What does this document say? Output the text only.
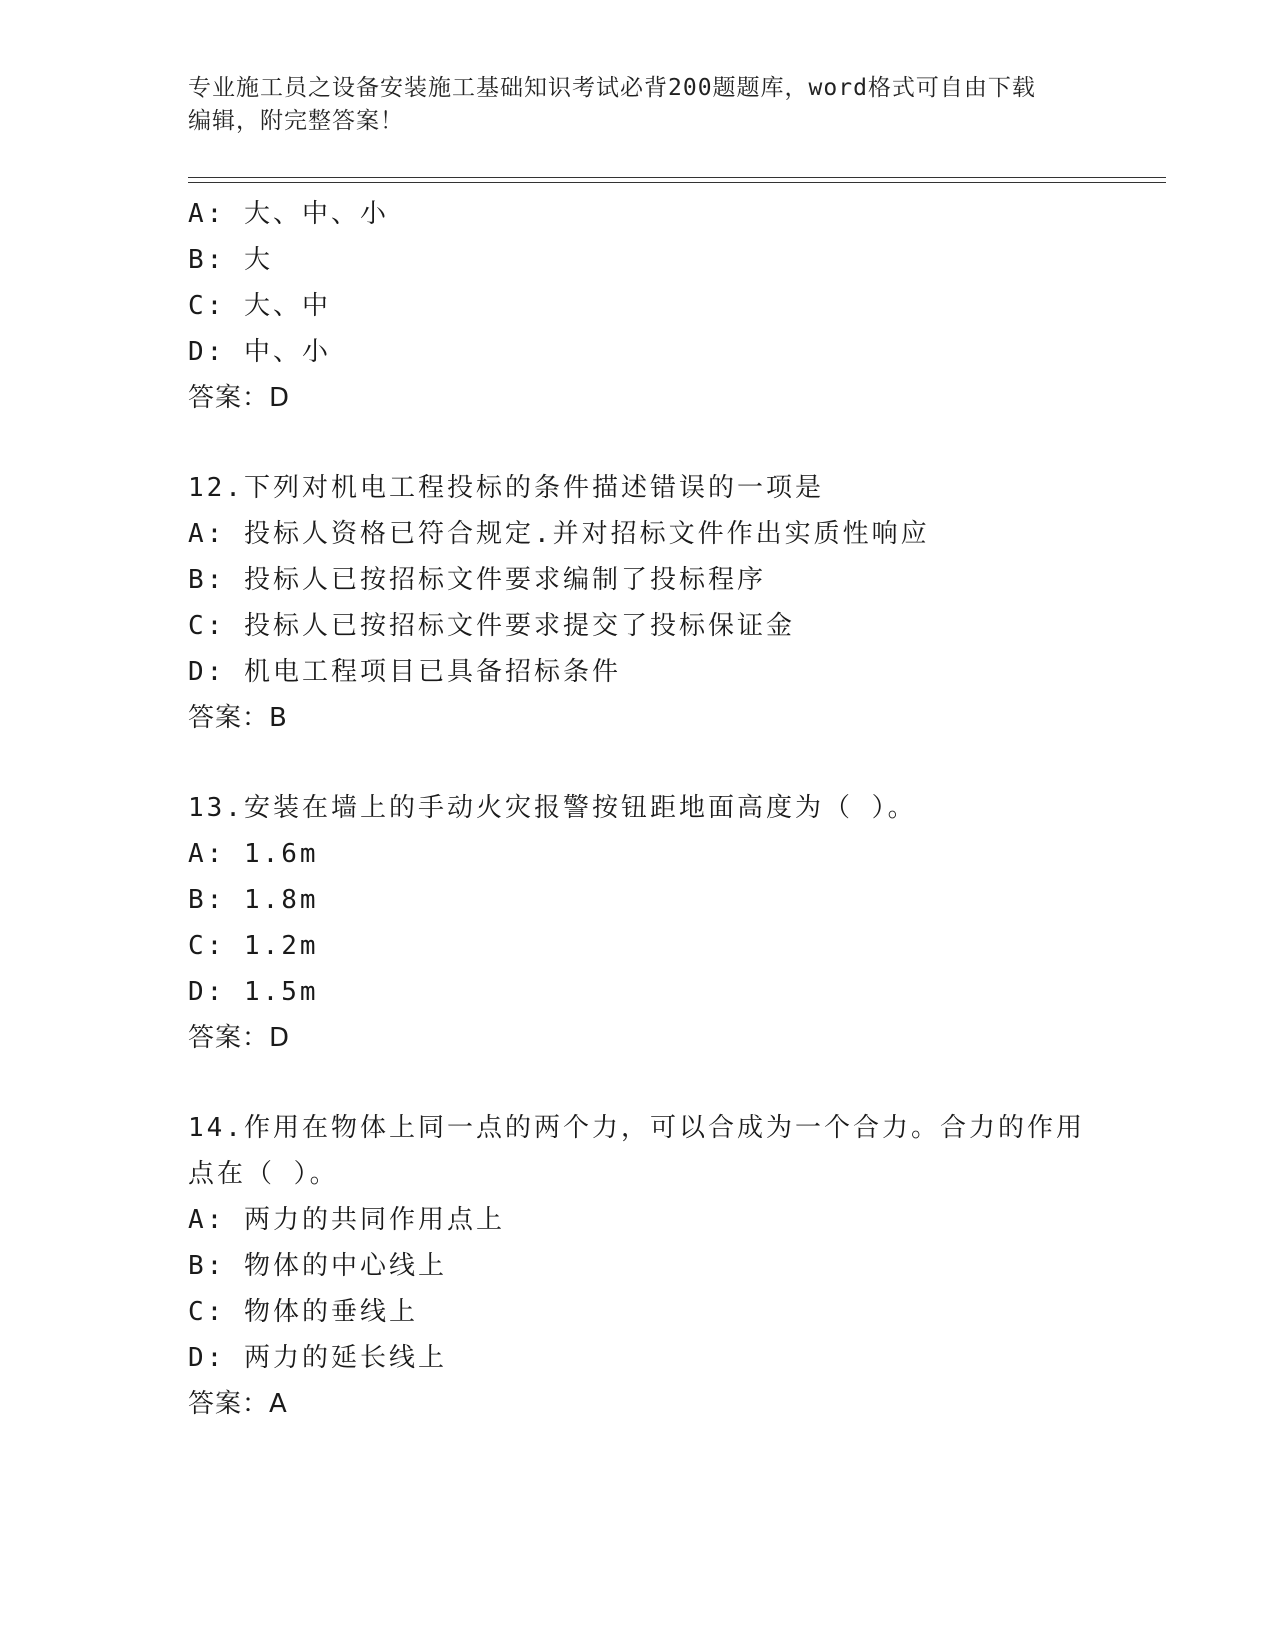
专业施工员之设备安装施工基础知识考试必背200题题库，word格式可自由下载
编辑，附完整答案！
A: 大、中、小
B: 大
C: 大、中
D: 中、小
答案：D
12.下列对机电工程投标的条件描述错误的一项是
A: 投标人资格已符合规定.并对招标文件作出实质性响应
B: 投标人已按招标文件要求编制了投标程序
C: 投标人已按招标文件要求提交了投标保证金
D: 机电工程项目已具备招标条件
答案：B
13.安装在墙上的手动火灾报警按钮距地面高度为（ ）。
A: 1.6m
B: 1.8m
C: 1.2m
D: 1.5m
答案：D
14.作用在物体上同一点的两个力，可以合成为一个合力。合力的作用
点在（ ）。
A: 两力的共同作用点上
B: 物体的中心线上
C: 物体的垂线上
D: 两力的延长线上
答案：A
